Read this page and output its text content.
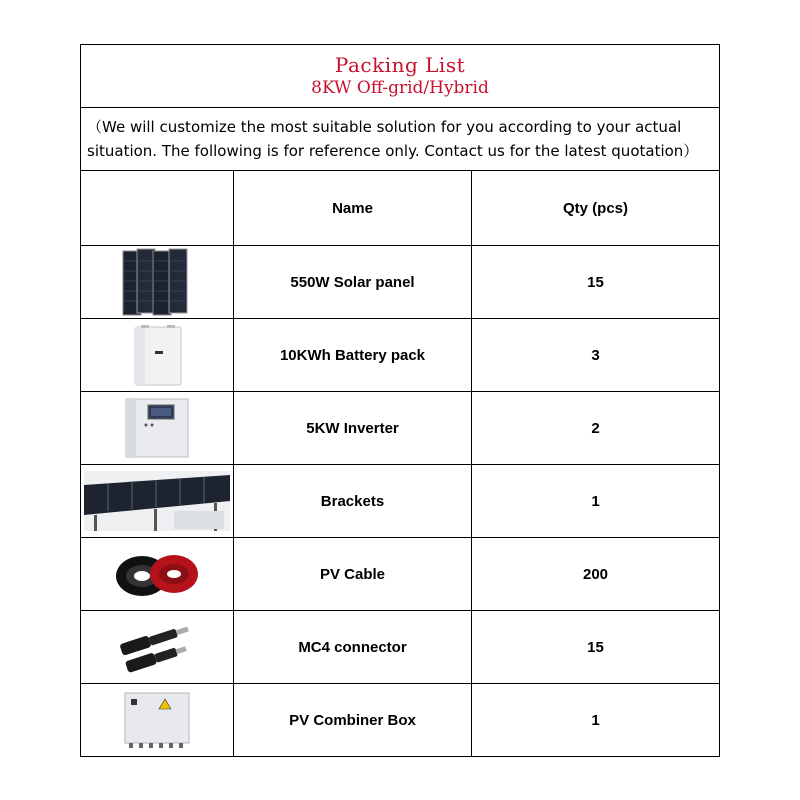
Packing List
8KW Off-grid/Hybrid		

（We will customize the most suitable solution for you according to your actual situation. The following is for reference only. Contact us for the latest quotation）		
	Name	Qty (pcs)

	550W Solar panel	15

	10KWh Battery pack	3

	5KW Inverter	2

	Brackets	1

	PV Cable	200

	MC4 connector	15

	PV Combiner Box	1
